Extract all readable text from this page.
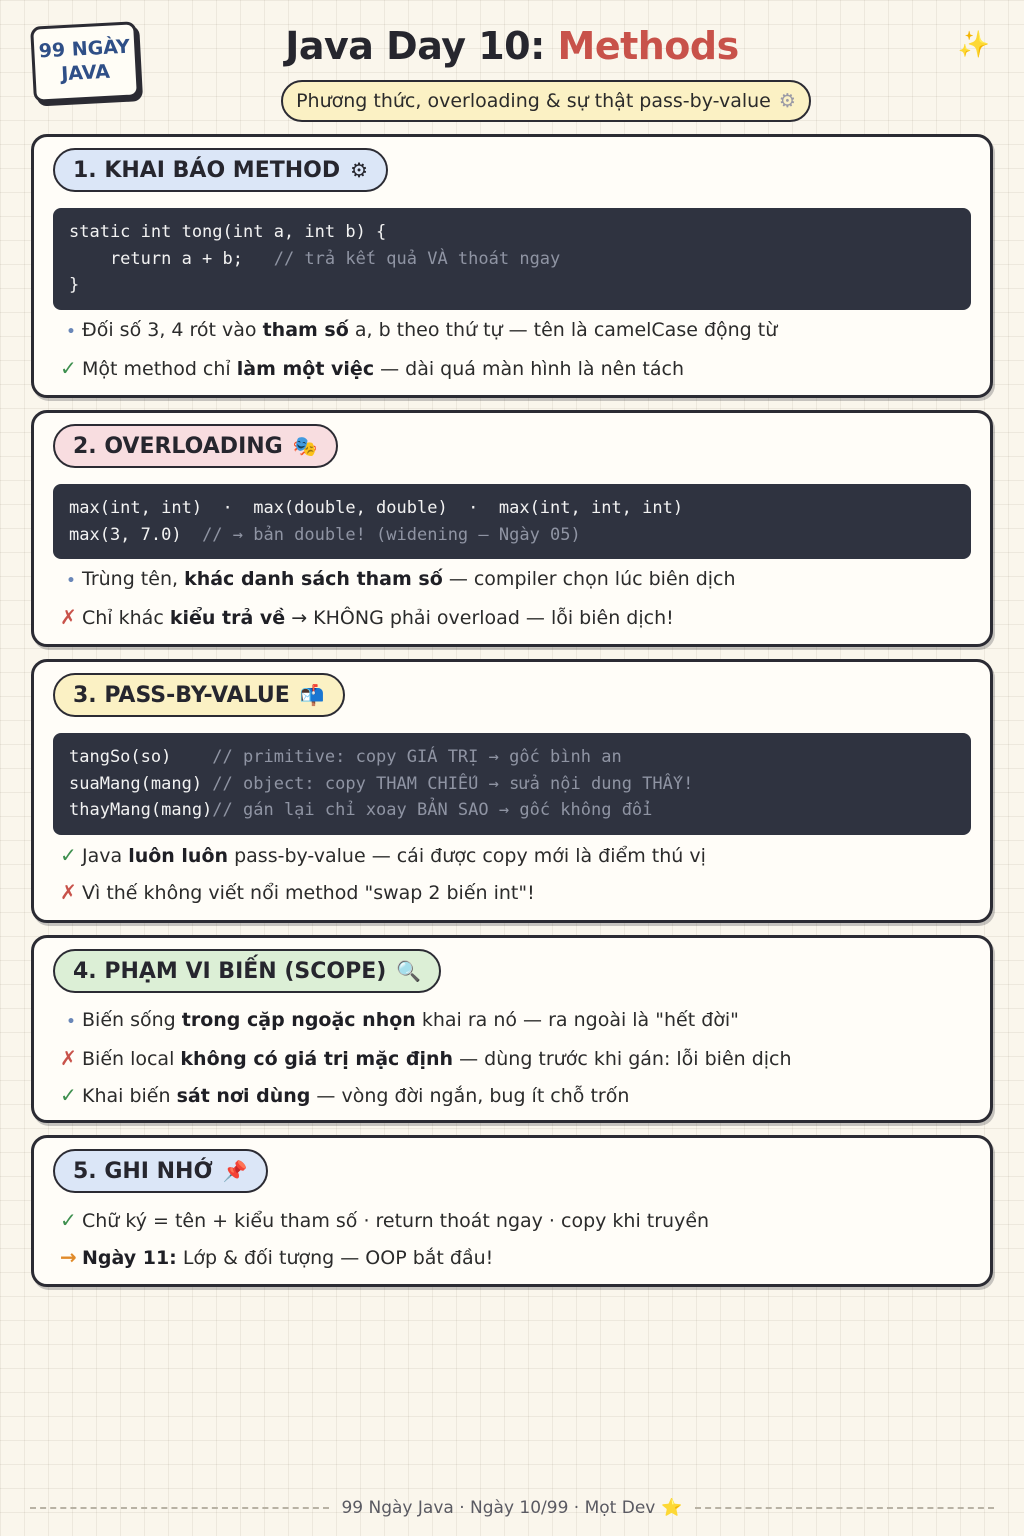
99 NGÀY
JAVA
Java Day 10: Methods	✨
Phương thức, overloading & sự thật pass-by-value ⚙
1. KHAI BÁO METHOD ⚙
static int tong(int a, int b) {
return a + b;   // trả kết quả VÀ thoát ngay
}
• Đối số 3, 4 rót vào tham số a, b theo thứ tự — tên là camelCase động từ
✓ Một method chỉ làm một việc — dài quá màn hình là nên tách
2. OVERLOADING 🎭
max(int, int)  ·  max(double, double)  ·  max(int, int, int)
max(3, 7.0)  // → bản double! (widening — Ngày 05)
• Trùng tên, khác danh sách tham số — compiler chọn lúc biên dịch
✗ Chỉ khác kiểu trả về → KHÔNG phải overload — lỗi biên dịch!
3. PASS-BY-VALUE 📬
tangSo(so)    // primitive: copy GIÁ TRỊ → gốc bình an
suaMang(mang) // object: copy THAM CHIẾU → sửa nội dung THẤY!
thayMang(mang)// gán lại chỉ xoay BẢN SAO → gốc không đổi
✓ Java luôn luôn pass-by-value — cái được copy mới là điểm thú vị
✗ Vì thế không viết nổi method "swap 2 biến int"!
4. PHẠM VI BIẾN (SCOPE) 🔍
• Biến sống trong cặp ngoặc nhọn khai ra nó — ra ngoài là "hết đời"
✗ Biến local không có giá trị mặc định — dùng trước khi gán: lỗi biên dịch
✓ Khai biến sát nơi dùng — vòng đời ngắn, bug ít chỗ trốn
5. GHI NHỚ 📌
✓ Chữ ký = tên + kiểu tham số · return thoát ngay · copy khi truyền
→ Ngày 11: Lớp & đối tượng — OOP bắt đầu!
99 Ngày Java · Ngày 10/99 · Mọt Dev ⭐
